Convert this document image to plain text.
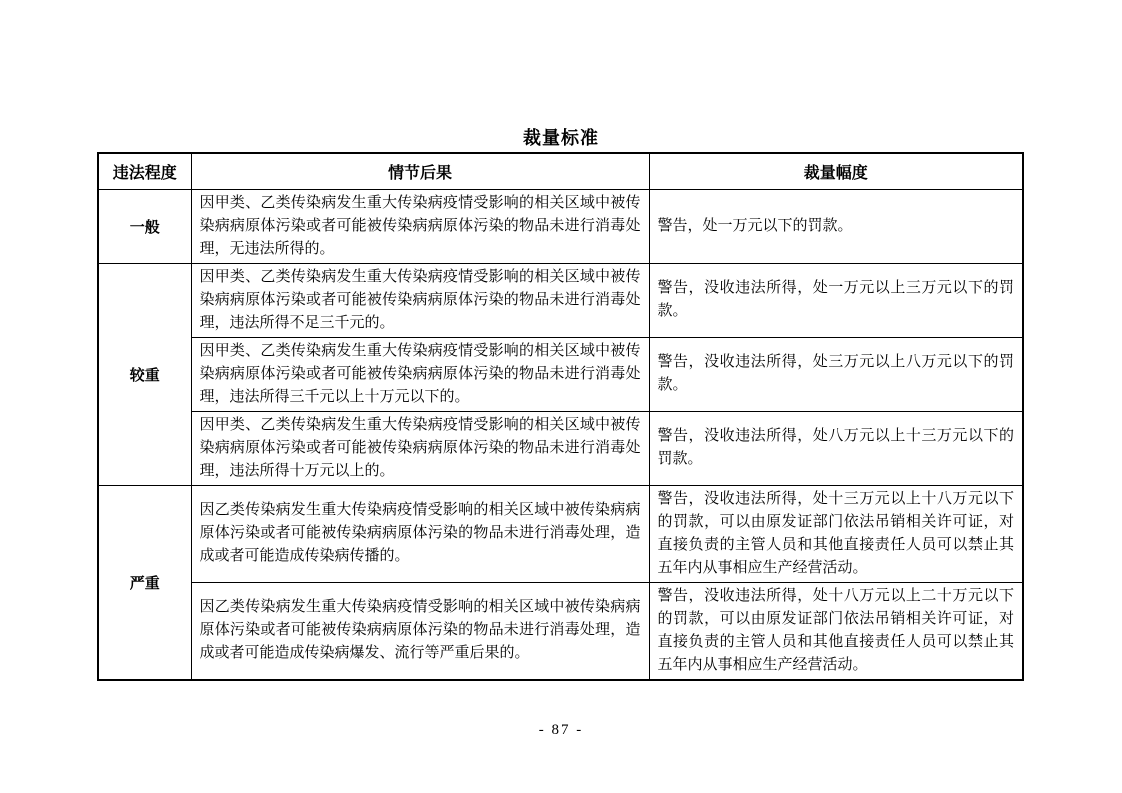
裁量标准
违法程度	情节后果	裁量幅度
一般	因甲类、乙类传染病发生重大传染病疫情受影响的相关区域中被传染病病原体污染或者可能被传染病病原体污染的物品未进行消毒处理，无违法所得的。	警告，处一万元以下的罚款。
较重	因甲类、乙类传染病发生重大传染病疫情受影响的相关区域中被传染病病原体污染或者可能被传染病病原体污染的物品未进行消毒处理，违法所得不足三千元的。	警告，没收违法所得，处一万元以上三万元以下的罚款。
	因甲类、乙类传染病发生重大传染病疫情受影响的相关区域中被传染病病原体污染或者可能被传染病病原体污染的物品未进行消毒处理，违法所得三千元以上十万元以下的。	警告，没收违法所得，处三万元以上八万元以下的罚款。
	因甲类、乙类传染病发生重大传染病疫情受影响的相关区域中被传染病病原体污染或者可能被传染病病原体污染的物品未进行消毒处理，违法所得十万元以上的。	警告，没收违法所得，处八万元以上十三万元以下的罚款。
严重	因乙类传染病发生重大传染病疫情受影响的相关区域中被传染病病原体污染或者可能被传染病病原体污染的物品未进行消毒处理，造成或者可能造成传染病传播的。	警告，没收违法所得，处十三万元以上十八万元以下的罚款，可以由原发证部门依法吊销相关许可证，对直接负责的主管人员和其他直接责任人员可以禁止其五年内从事相应生产经营活动。
	因乙类传染病发生重大传染病疫情受影响的相关区域中被传染病病原体污染或者可能被传染病病原体污染的物品未进行消毒处理，造成或者可能造成传染病爆发、流行等严重后果的。	警告，没收违法所得，处十八万元以上二十万元以下的罚款，可以由原发证部门依法吊销相关许可证，对直接负责的主管人员和其他直接责任人员可以禁止其五年内从事相应生产经营活动。
- 87 -
